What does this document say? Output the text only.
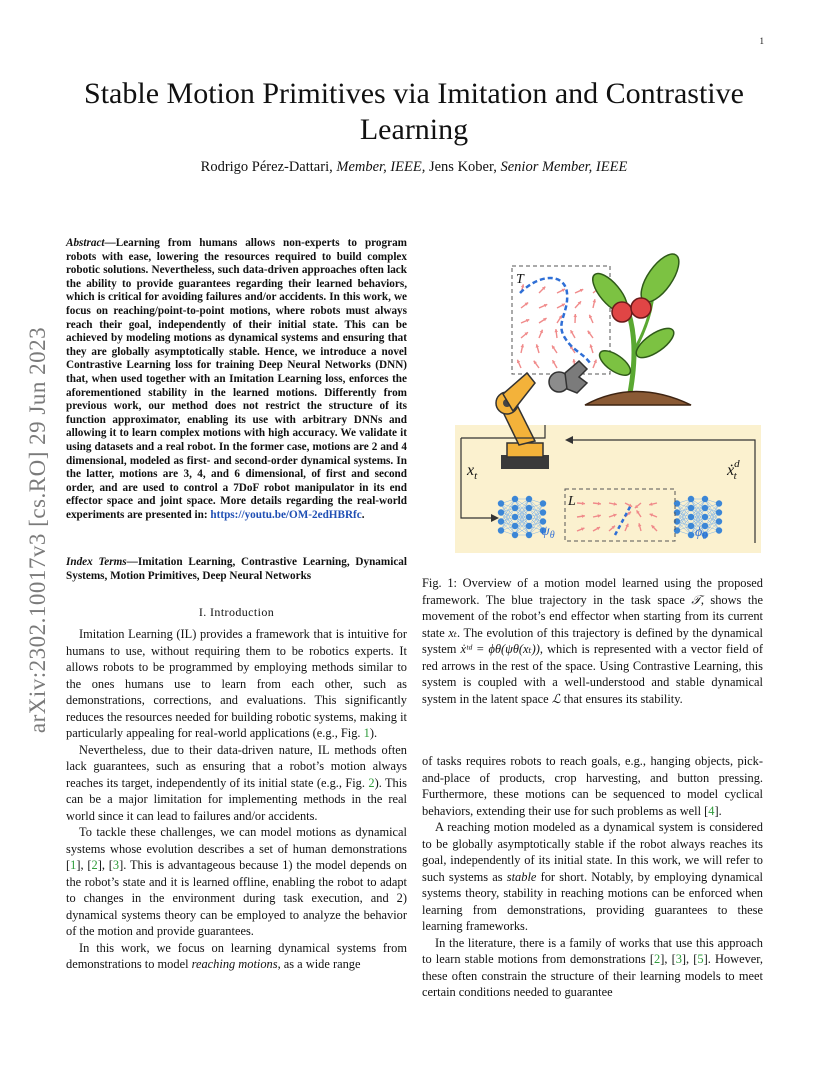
1
Stable Motion Primitives via Imitation and Contrastive Learning
Rodrigo Pérez-Dattari, Member, IEEE, Jens Kober, Senior Member, IEEE
arXiv:2302.10017v3 [cs.RO] 29 Jun 2023
Abstract—Learning from humans allows non-experts to program robots with ease, lowering the resources required to build complex robotic solutions. Nevertheless, such data-driven approaches often lack the ability to provide guarantees regarding their learned behaviors, which is critical for avoiding failures and/or accidents. In this work, we focus on reaching/point-to-point motions, where robots must always reach their goal, independently of their initial state. This can be achieved by modeling motions as dynamical systems and ensuring that they are globally asymptotically stable. Hence, we introduce a novel Contrastive Learning loss for training Deep Neural Networks (DNN) that, when used together with an Imitation Learning loss, enforces the aforementioned stability in the learned motions. Differently from previous work, our method does not restrict the structure of its function approximator, enabling its use with arbitrary DNNs and allowing it to learn complex motions with high accuracy. We validate it using datasets and a real robot. In the former case, motions are 2 and 4 dimensional, modeled as first- and second-order dynamical systems. In the latter, motions are 3, 4, and 6 dimensional, of first and second order, and are used to control a 7DoF robot manipulator in its end effector space and joint space. More details regarding the real-world experiments are presented in: https://youtu.be/OM-2edHBRfc.
Index Terms—Imitation Learning, Contrastive Learning, Dynamical Systems, Motion Primitives, Deep Neural Networks
I. Introduction

Imitation Learning (IL) provides a framework that is intuitive for humans to use, without requiring them to be robotics experts. It allows robots to be programmed by employing methods similar to the ones humans use to learn from each other, such as demonstrations, corrections, and evaluations. This significantly reduces the resources needed for building robotic systems, making it particularly appealing for real-world applications (e.g., Fig. 1).

Nevertheless, due to their data-driven nature, IL methods often lack guarantees, such as ensuring that a robot’s motion always reaches its target, independently of its initial state (e.g., Fig. 2). This can be a major limitation for implementing methods in the real world since it can lead to failures and/or accidents.

To tackle these challenges, we can model motions as dynamical systems whose evolution describes a set of human demonstrations [1], [2], [3]. This is advantageous because 1) the model depends on the robot’s state and it is learned offline, enabling the robot to adapt to changes in the environment during task execution, and 2) dynamical systems theory can be employed to analyze the behavior of the motion and provide guarantees.

In this work, we focus on learning dynamical systems from demonstrations to model reaching motions, as a wide range

T
L
$x_t$	ẋ$^d$ t
$\psi_\theta$	$\phi_\theta$
Fig. 1: Overview of a motion model learned using the proposed framework. The blue trajectory in the task space 𝒯, shows the movement of the robot’s end effector when starting from its current state xₜ. The evolution of this trajectory is defined by the dynamical system ẋᵗᵈ = ϕθ(ψθ(xₜ)), which is represented with a vector field of red arrows in the rest of the space. Using Contrastive Learning, this system is coupled with a well-understood and stable dynamical system in the latent space ℒ that ensures its stability.

of tasks requires robots to reach goals, e.g., hanging objects, pick-and-place of products, crop harvesting, and button pressing. Furthermore, these motions can be sequenced to model cyclical behaviors, extending their use for such problems as well [4].

A reaching motion modeled as a dynamical system is considered to be globally asymptotically stable if the robot always reaches its goal, independently of its initial state. In this work, we will refer to such systems as stable for short. Notably, by employing dynamical systems theory, stability in reaching motions can be enforced when learning from demonstrations, providing guarantees to these learning frameworks.

In the literature, there is a family of works that use this approach to learn stable motions from demonstrations [2], [3], [5]. However, these often constrain the structure of their learning models to meet certain conditions needed to guarantee
